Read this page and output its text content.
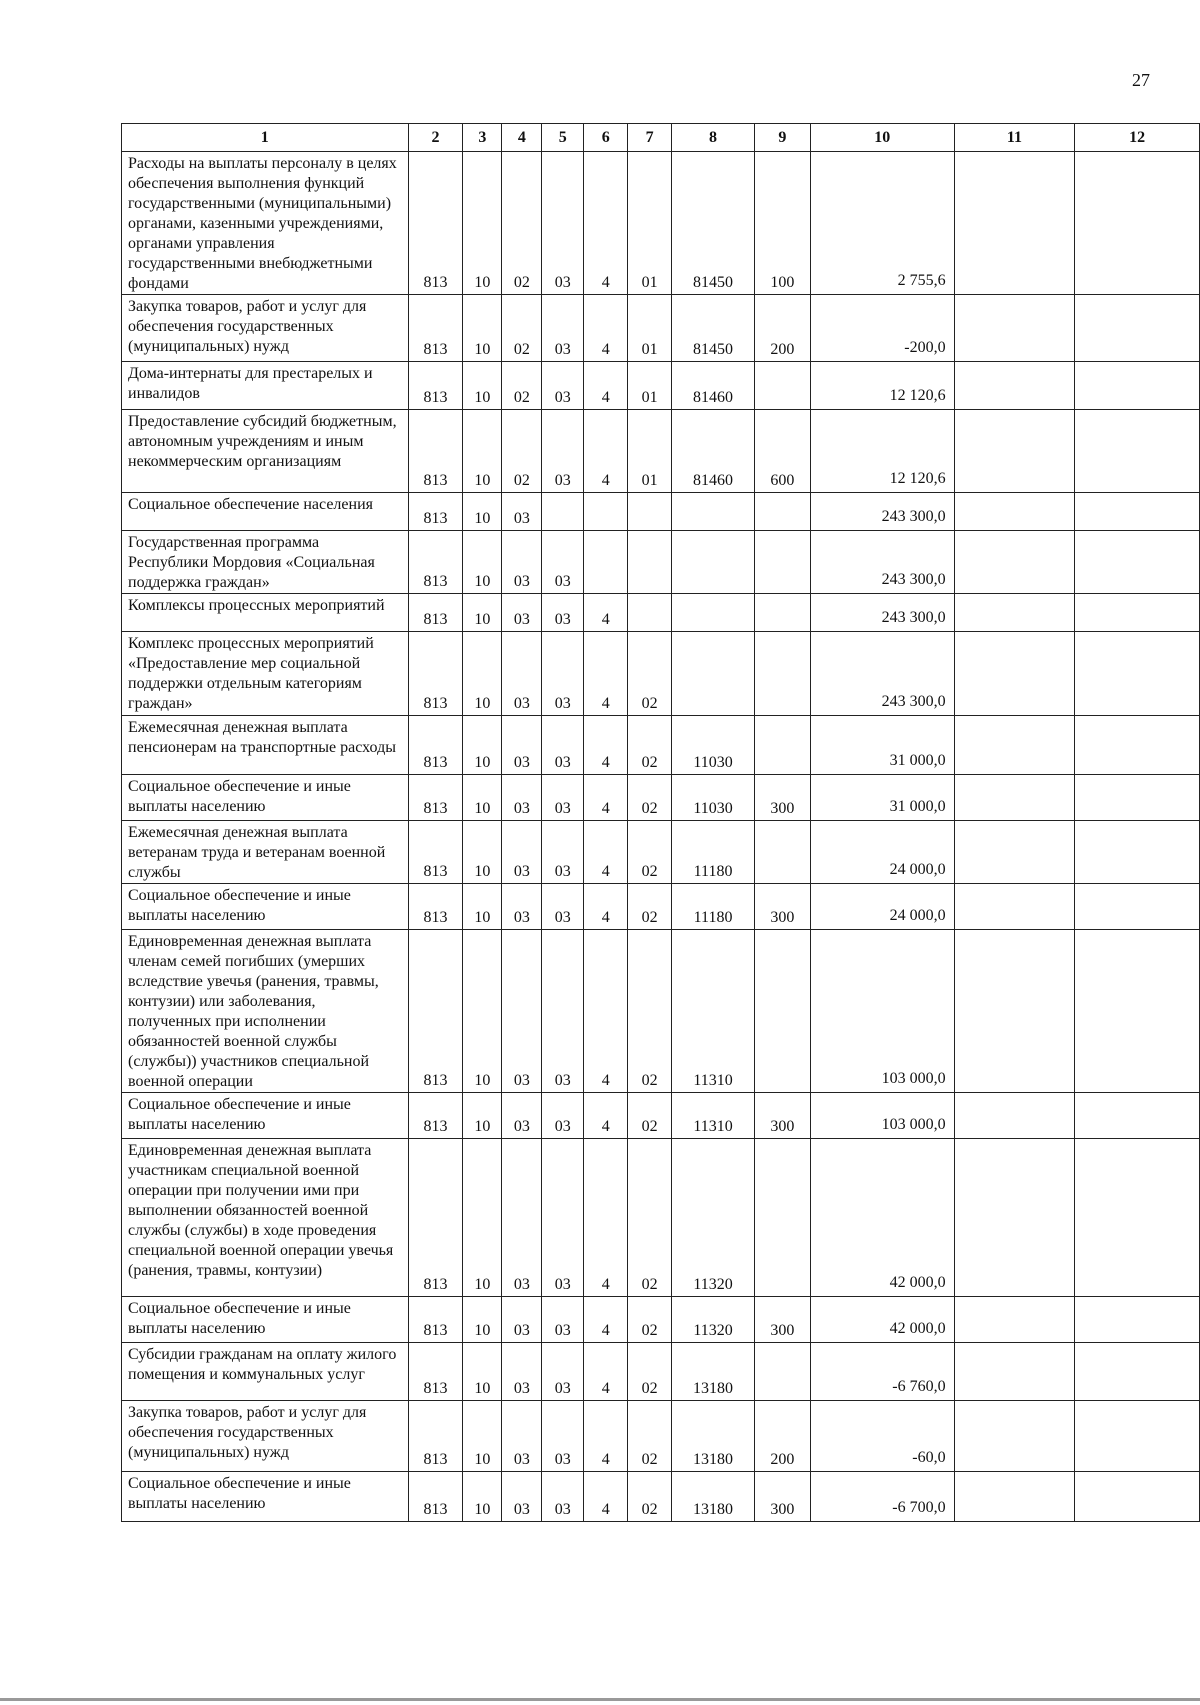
27
1	2	3	4	5	6	7	8	9	10	11	12
Расходы на выплаты персоналу в целях обеспечения выполнения функций государственными (муниципальными) органами, казенными учреждениями, органами управления государственными внебюджетными фондами	813	10	02	03	4	01	81450	100	2 755,6		
Закупка товаров, работ и услуг для обеспечения государственных (муниципальных) нужд	813	10	02	03	4	01	81450	200	-200,0		
Дома-интернаты для престарелых и инвалидов	813	10	02	03	4	01	81460		12 120,6		
Предоставление субсидий бюджетным, автономным учреждениям и иным некоммерческим организациям	813	10	02	03	4	01	81460	600	12 120,6		
Социальное обеспечение населения	813	10	03						243 300,0		
Государственная программа Республики Мордовия «Социальная поддержка граждан»	813	10	03	03					243 300,0		
Комплексы процессных мероприятий	813	10	03	03	4				243 300,0		
Комплекс процессных мероприятий «Предоставление мер социальной поддержки отдельным категориям граждан»	813	10	03	03	4	02			243 300,0		
Ежемесячная денежная выплата пенсионерам на транспортные расходы	813	10	03	03	4	02	11030		31 000,0		
Социальное обеспечение и иные выплаты населению	813	10	03	03	4	02	11030	300	31 000,0		
Ежемесячная денежная выплата ветеранам труда и ветеранам военной службы	813	10	03	03	4	02	11180		24 000,0		
Социальное обеспечение и иные выплаты населению	813	10	03	03	4	02	11180	300	24 000,0		
Единовременная денежная выплата членам семей погибших (умерших вследствие увечья (ранения, травмы, контузии) или заболевания, полученных при исполнении обязанностей военной службы (службы)) участников специальной военной операции	813	10	03	03	4	02	11310		103 000,0		
Социальное обеспечение и иные выплаты населению	813	10	03	03	4	02	11310	300	103 000,0		
Единовременная денежная выплата участникам специальной военной операции при получении ими при выполнении обязанностей военной службы (службы) в ходе проведения специальной военной операции увечья (ранения, травмы, контузии)	813	10	03	03	4	02	11320		42 000,0		
Социальное обеспечение и иные выплаты населению	813	10	03	03	4	02	11320	300	42 000,0		
Субсидии гражданам на оплату жилого помещения и коммунальных услуг	813	10	03	03	4	02	13180		-6 760,0		
Закупка товаров, работ и услуг для обеспечения государственных (муниципальных) нужд	813	10	03	03	4	02	13180	200	-60,0		
Социальное обеспечение и иные выплаты населению	813	10	03	03	4	02	13180	300	-6 700,0		
